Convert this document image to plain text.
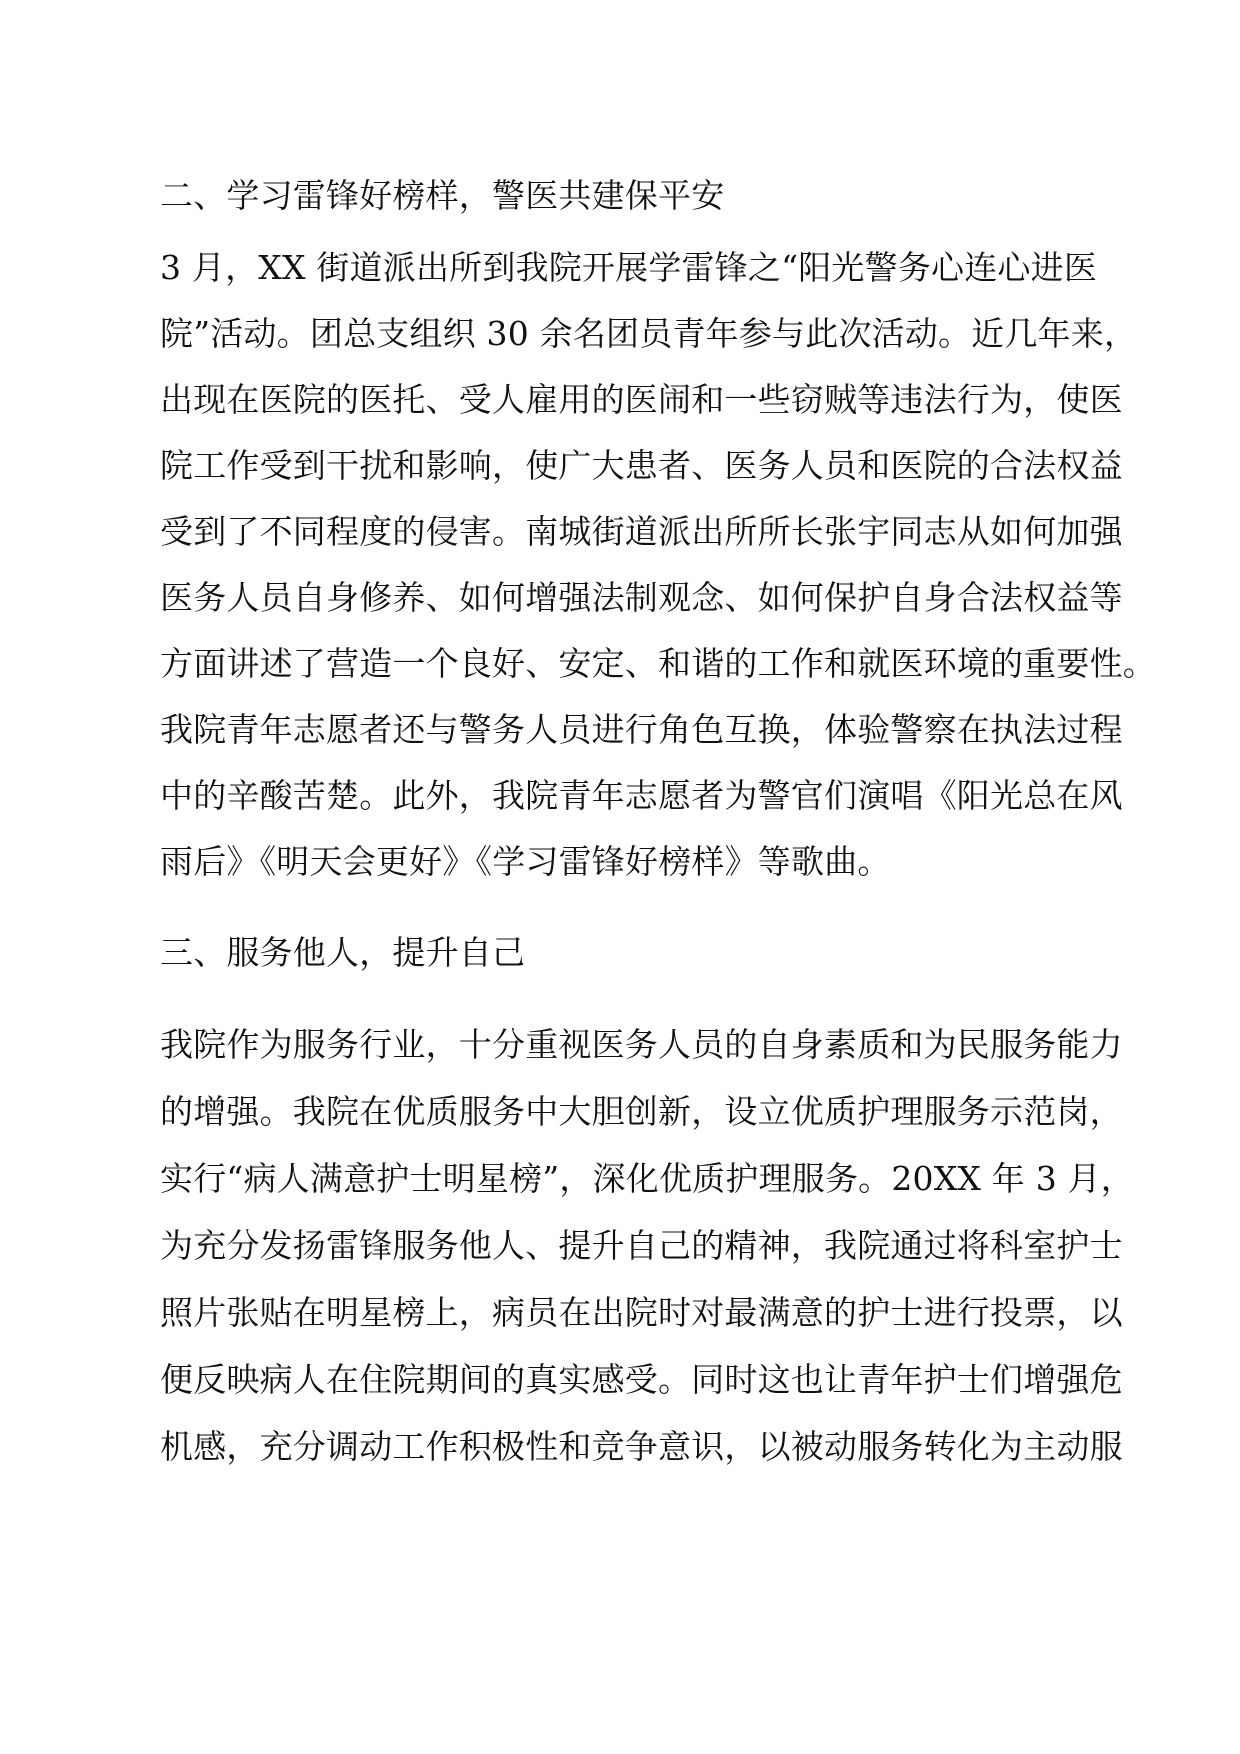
二、学习雷锋好榜样，警医共建保平安
3 月，XX 街道派出所到我院开展学雷锋之“阳光警务心连心进医
院”活动。团总支组织 30 余名团员青年参与此次活动。近几年来，
出现在医院的医托、受人雇用的医闹和一些窃贼等违法行为，使医
院工作受到干扰和影响，使广大患者、医务人员和医院的合法权益
受到了不同程度的侵害。南城街道派出所所长张宇同志从如何加强
医务人员自身修养、如何增强法制观念、如何保护自身合法权益等
方面讲述了营造一个良好、安定、和谐的工作和就医环境的重要性。
我院青年志愿者还与警务人员进行角色互换，体验警察在执法过程
中的辛酸苦楚。此外，我院青年志愿者为警官们演唱《阳光总在风
雨后》《明天会更好》《学习雷锋好榜样》等歌曲。
三、服务他人，提升自己
我院作为服务行业，十分重视医务人员的自身素质和为民服务能力
的增强。我院在优质服务中大胆创新，设立优质护理服务示范岗，
实行“病人满意护士明星榜”，深化优质护理服务。20XX 年 3 月，
为充分发扬雷锋服务他人、提升自己的精神，我院通过将科室护士
照片张贴在明星榜上，病员在出院时对最满意的护士进行投票，以
便反映病人在住院期间的真实感受。同时这也让青年护士们增强危
机感，充分调动工作积极性和竞争意识，以被动服务转化为主动服
